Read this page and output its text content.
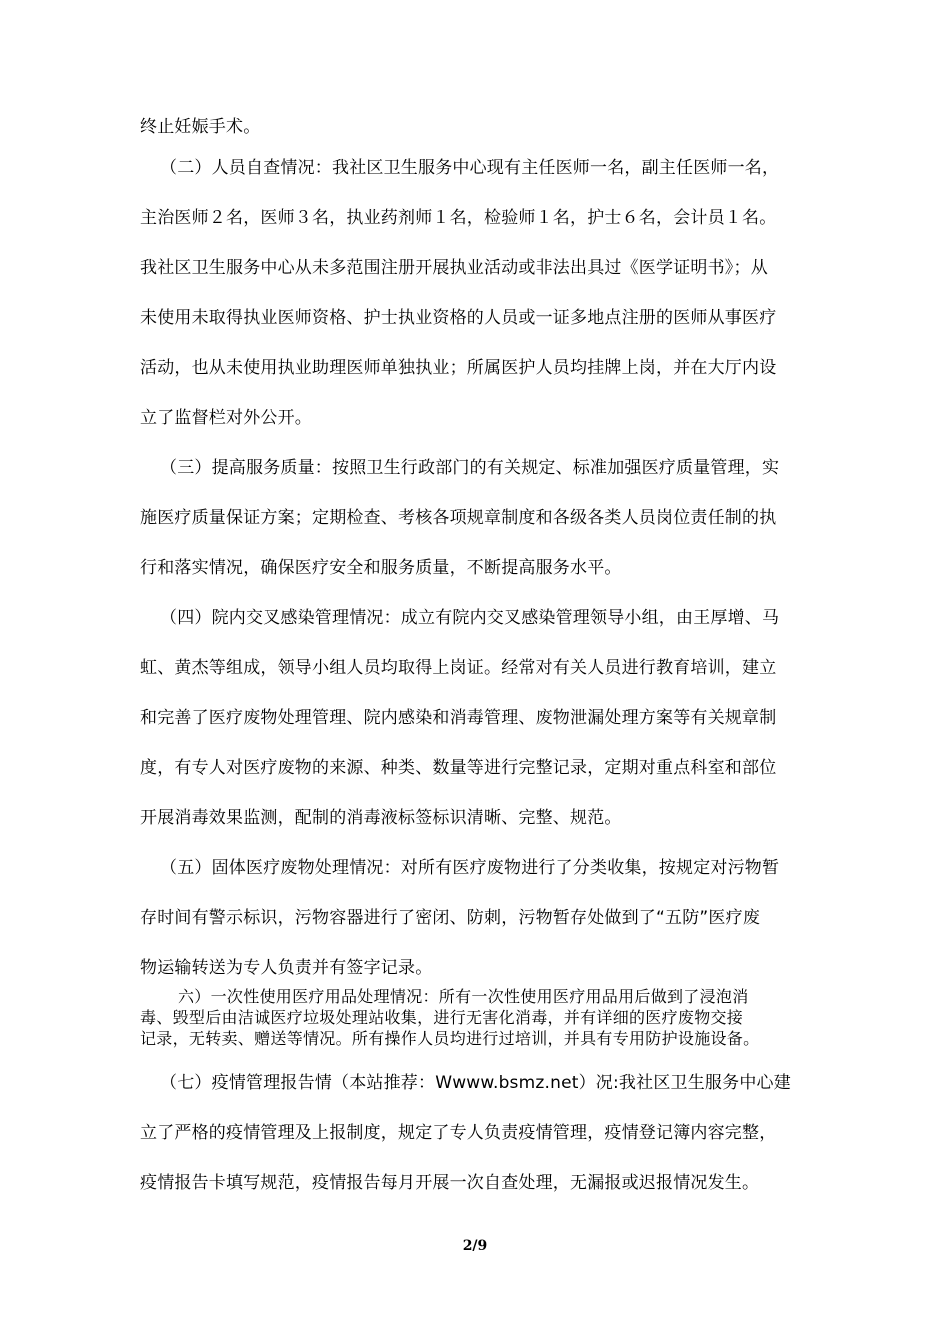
终止妊娠手术。
（二）人员自查情况：我社区卫生服务中心现有主任医师一名，副主任医师一名，
主治医师２名，医师３名，执业药剂师１名，检验师１名，护士６名，会计员１名。
我社区卫生服务中心从未多范围注册开展执业活动或非法出具过《医学证明书》；从
未使用未取得执业医师资格、护士执业资格的人员或一证多地点注册的医师从事医疗
活动，也从未使用执业助理医师单独执业；所属医护人员均挂牌上岗，并在大厅内设
立了监督栏对外公开。
（三）提高服务质量：按照卫生行政部门的有关规定、标准加强医疗质量管理，实
施医疗质量保证方案；定期检查、考核各项规章制度和各级各类人员岗位责任制的执
行和落实情况，确保医疗安全和服务质量，不断提高服务水平。
（四）院内交叉感染管理情况：成立有院内交叉感染管理领导小组，由王厚增、马
虹、黄杰等组成，领导小组人员均取得上岗证。经常对有关人员进行教育培训，建立
和完善了医疗废物处理管理、院内感染和消毒管理、废物泄漏处理方案等有关规章制
度，有专人对医疗废物的来源、种类、数量等进行完整记录，定期对重点科室和部位
开展消毒效果监测，配制的消毒液标签标识清晰、完整、规范。
（五）固体医疗废物处理情况：对所有医疗废物进行了分类收集，按规定对污物暂
存时间有警示标识，污物容器进行了密闭、防刺，污物暂存处做到了“五防”医疗废
物运输转送为专人负责并有签字记录。
六）一次性使用医疗用品处理情况：所有一次性使用医疗用品用后做到了浸泡消
毒、毁型后由洁诚医疗垃圾处理站收集，进行无害化消毒，并有详细的医疗废物交接
记录，无转卖、赠送等情况。所有操作人员均进行过培训，并具有专用防护设施设备。
（七）疫情管理报告情（本站推荐：Wwww.bsmz.net）况:我社区卫生服务中心建
立了严格的疫情管理及上报制度，规定了专人负责疫情管理，疫情登记簿内容完整，
疫情报告卡填写规范，疫情报告每月开展一次自查处理，无漏报或迟报情况发生。
2/9
